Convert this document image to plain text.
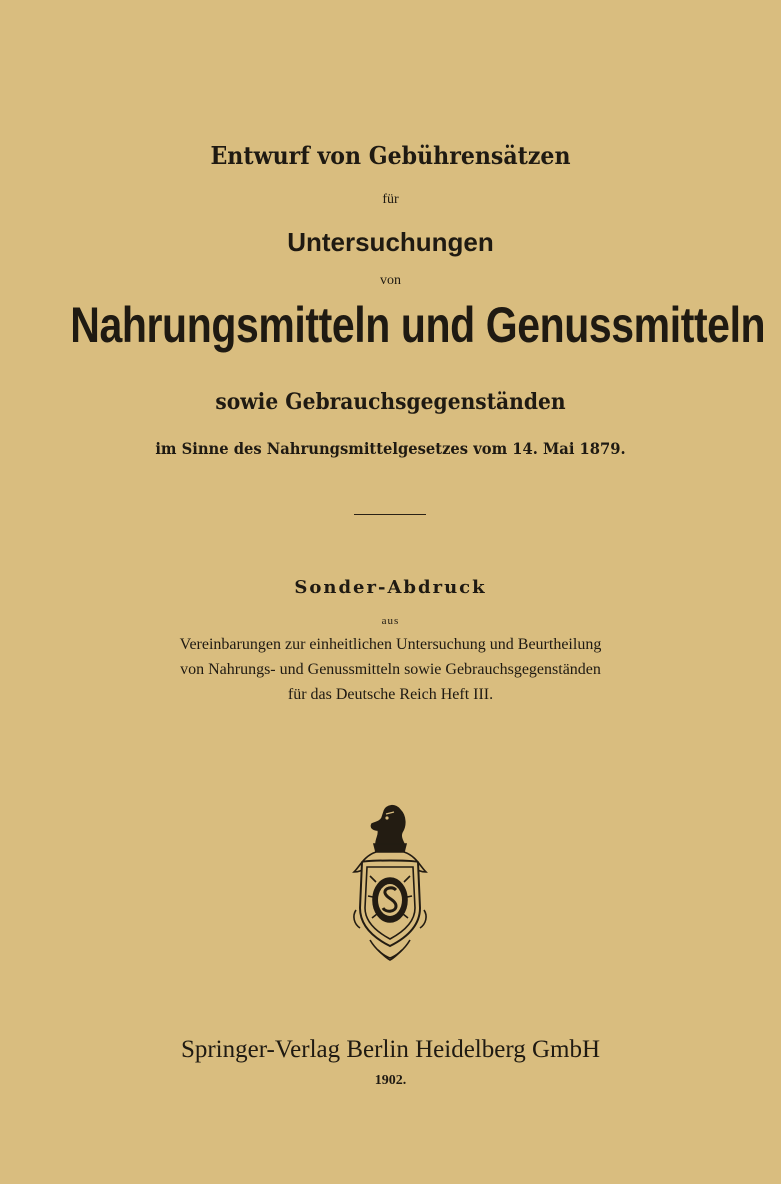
Entwurf von Gebührensätzen

für

Untersuchungen

von

Nahrungsmitteln und Genussmitteln

sowie Gebrauchsgegenständen

im Sinne des Nahrungsmittelgesetzes vom 14. Mai 1879.

Sonder-Abdruck

aus

Vereinbarungen zur einheitlichen Untersuchung und Beurtheilung

von Nahrungs- und Genussmitteln sowie Gebrauchsgegenständen

für das Deutsche Reich Heft III.

Springer-Verlag Berlin Heidelberg GmbH

1902.
